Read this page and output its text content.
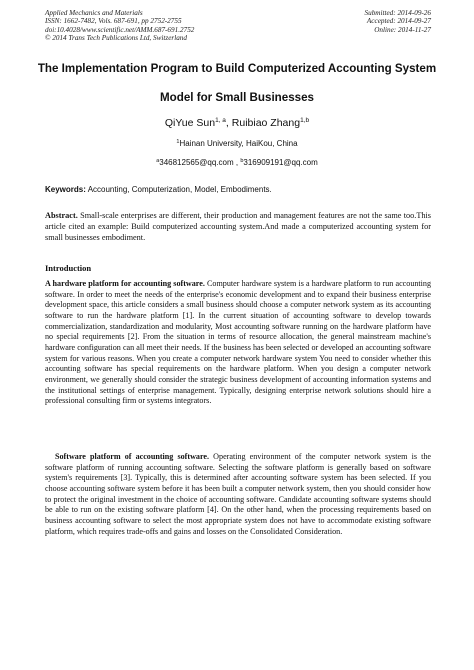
Applied Mechanics and Materials
ISSN: 1662-7482, Vols. 687-691, pp 2752-2755
doi:10.4028/www.scientific.net/AMM.687-691.2752
© 2014 Trans Tech Publications Ltd, Switzerland
Submitted: 2014-09-26
Accepted: 2014-09-27
Online: 2014-11-27
The Implementation Program to Build Computerized Accounting System
Model for Small Businesses
QiYue Sun$^{1, a}$, Ruibiao Zhang$^{1,b}$
$^1$Hainan University, HaiKou, China
$^a$346812565@qq.com , $^b$316909191@qq.com
Keywords: Accounting, Computerization, Model, Embodiments.
Abstract. Small-scale enterprises are different, their production and management features are not the same too.This article cited an example: Build computerized accounting system.And made a computerized accounting system for small businesses embodiment.
Introduction
A hardware platform for accounting software. Computer hardware system is a hardware platform to run accounting software. In order to meet the needs of the enterprise's economic development and to expand their business enterprise development space, this article considers a small business should choose a computer network system as its accounting software to run the hardware platform [1]. In the current situation of accounting software to develop towards commercialization, standardization and modularity, Most accounting software running on the hardware platform have no special requirements [2]. From the situation in terms of resource allocation, the general mainstream machine's hardware configuration can all meet their needs. If the business has been selected or developed an accounting software system for various reasons. When you create a computer network hardware system You need to consider whether this accounting software has special requirements on the hardware platform. When you design a computer network environment, we generally should consider the strategic business development of accounting information systems and the institutional settings of enterprise management. Typically, designing enterprise network solutions should hire a professional consulting firm or systems integrators.
Software platform of accounting software. Operating environment of the computer network system is the software platform of running accounting software. Selecting the software platform is generally based on software system's requirements [3]. Typically, this is determined after accounting software system has been selected. If you choose accounting software system before it has been built a computer network system, then you should consider how to protect the original investment in the choice of accounting software. Candidate accounting software systems should be able to run on the existing software platform [4]. On the other hand, when the processing requirements based on business accounting software to select the most appropriate system does not have to accommodate existing software platform, which requires trade-offs and gains and losses on the Consolidated Consideration.
